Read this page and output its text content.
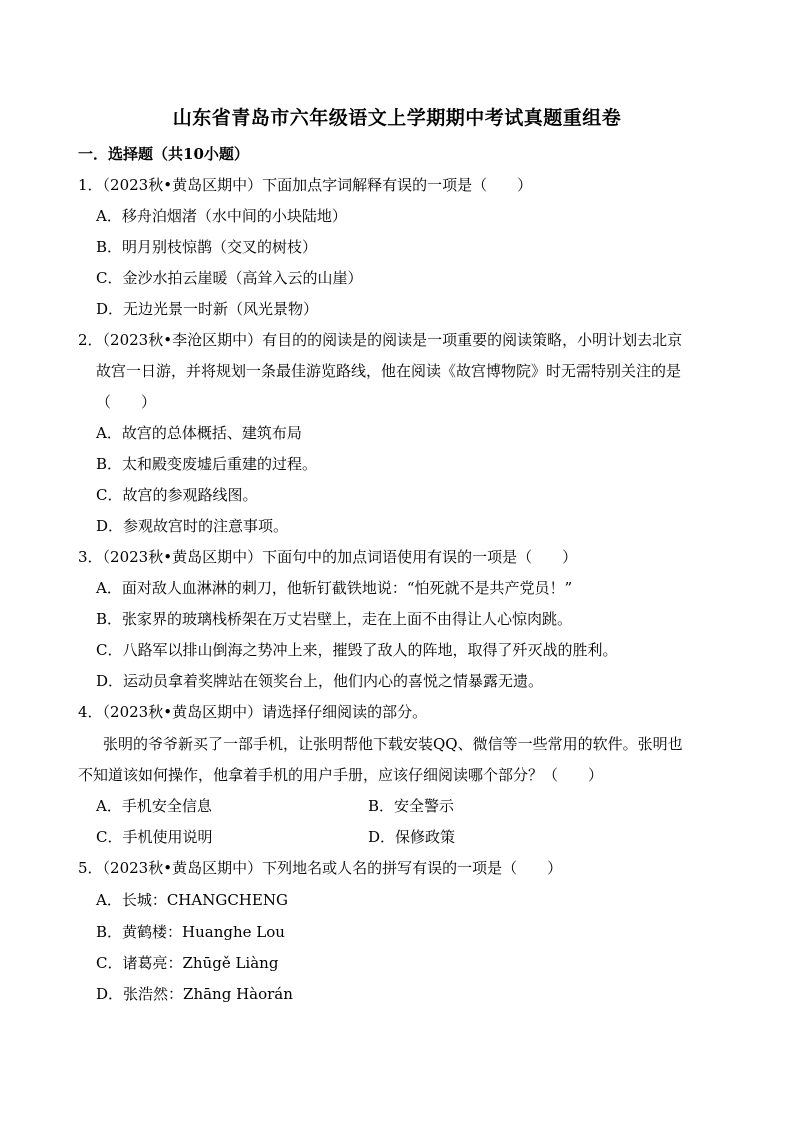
山东省青岛市六年级语文上学期期中考试真题重组卷
一．选择题（共10小题）
1．（2023秋•黄岛区期中）下面加点字词解释有误的一项是（　　）
A．移舟泊烟渚（水中间的小块陆地）
B．明月别枝惊鹊（交叉的树枝）
C．金沙水拍云崖暖（高耸入云的山崖）
D．无边光景一时新（风光景物）
2．（2023秋•李沧区期中）有目的的阅读是的阅读是一项重要的阅读策略，小明计划去北京
故宫一日游，并将规划一条最佳游览路线，他在阅读《故宫博物院》时无需特别关注的是
（　　）
A．故宫的总体概括、建筑布局
B．太和殿变废墟后重建的过程。
C．故宫的参观路线图。
D．参观故宫时的注意事项。
3．（2023秋•黄岛区期中）下面句中的加点词语使用有误的一项是（　　）
A．面对敌人血淋淋的刺刀，他斩钉截铁地说：“怕死就不是共产党员！”
B．张家界的玻璃栈桥架在万丈岩壁上，走在上面不由得让人心惊肉跳。
C．八路军以排山倒海之势冲上来，摧毁了敌人的阵地，取得了歼灭战的胜利。
D．运动员拿着奖牌站在领奖台上，他们内心的喜悦之情暴露无遗。
4．（2023秋•黄岛区期中）请选择仔细阅读的部分。
张明的爷爷新买了一部手机，让张明帮他下载安装QQ、微信等一些常用的软件。张明也
不知道该如何操作，他拿着手机的用户手册，应该仔细阅读哪个部分？（　　）
A．手机安全信息	B．安全警示
C．手机使用说明	D．保修政策
5．（2023秋•黄岛区期中）下列地名或人名的拼写有误的一项是（　　）
A．长城：CHANGCHENG
B．黄鹤楼：Huanghe Lou
C．诸葛亮：Zhūgě Liàng
D．张浩然：Zhāng Hàorán
